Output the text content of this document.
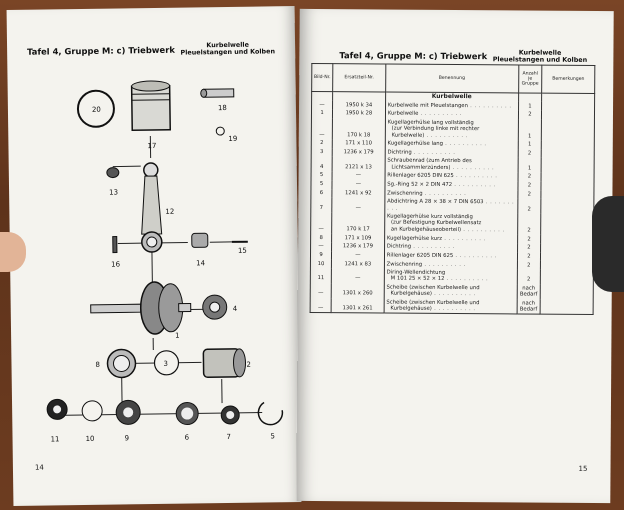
Tafel 4, Gruppe M: c) Triebwerk	Kurbelwelle
Pleuelstangen und Kolben
20
17
18
19
13
12
16	14
15
4
1
8	3	2
11	10	9	6	7	5
14
Tafel 4, Gruppe M: c) Triebwerk	Kurbelwelle
Pleuelstangen und Kolben
Bild-Nr.	Ersatzteil-Nr.	Benennung	Anzahl je Gruppe	Bemerkungen
		Kurbelwelle		
—	1950 k 34	Kurbelwelle mit Pleuelstangen . . .	1	
1	1950 k 28	Kurbelwelle . . .	2	
—	170 k 18	Kugellagerhülse lang vollständig
(zur Verbindung linke mit rechter
Kurbelwelle) . . .	1	
2	171 x 110	Kugellagerhülse lang . . .	1	
3	1236 x 179	Dichtring . . .	2	
4	2121 x 13	Schraubenrad (zum Antrieb des
Lichtsammlerzünders) . . .	1	
5	—	Rillenlager 6205 DIN 625 . . .	2	
5	—	Sg.-Ring 52 × 2 DIN 472 . . .	2	
6	1241 x 92	Zwischenring . . .	2	
7	—	Abdichtring A 28 × 38 × 7 DIN 6503 . . .	2	
—	170 k 17	Kugellagerhülse kurz vollständig
(zur Befestigung Kurbelwellensatz
an Kurbelgehäuseoberteil) . . .	2	
8	171 x 109	Kugellagerhülse kurz . . .	2	
—	1236 x 179	Dichtring . . .	2	
9	—	Rillenlager 6205 DIN 625 . . .	2	
10	1241 x 83	Zwischenring . . .	2	
11	—	Diring-Wellendichtung
M 101 25 × 52 × 12 . . .	2	
—	1301 x 260	Scheibe (zwischen Kurbelwelle und
Kurbelgehäuse) . . .	nach Bedarf	
—	1301 x 261	Scheibe (zwischen Kurbelwelle und
Kurbelgehäuse) . . .	nach Bedarf	
15
